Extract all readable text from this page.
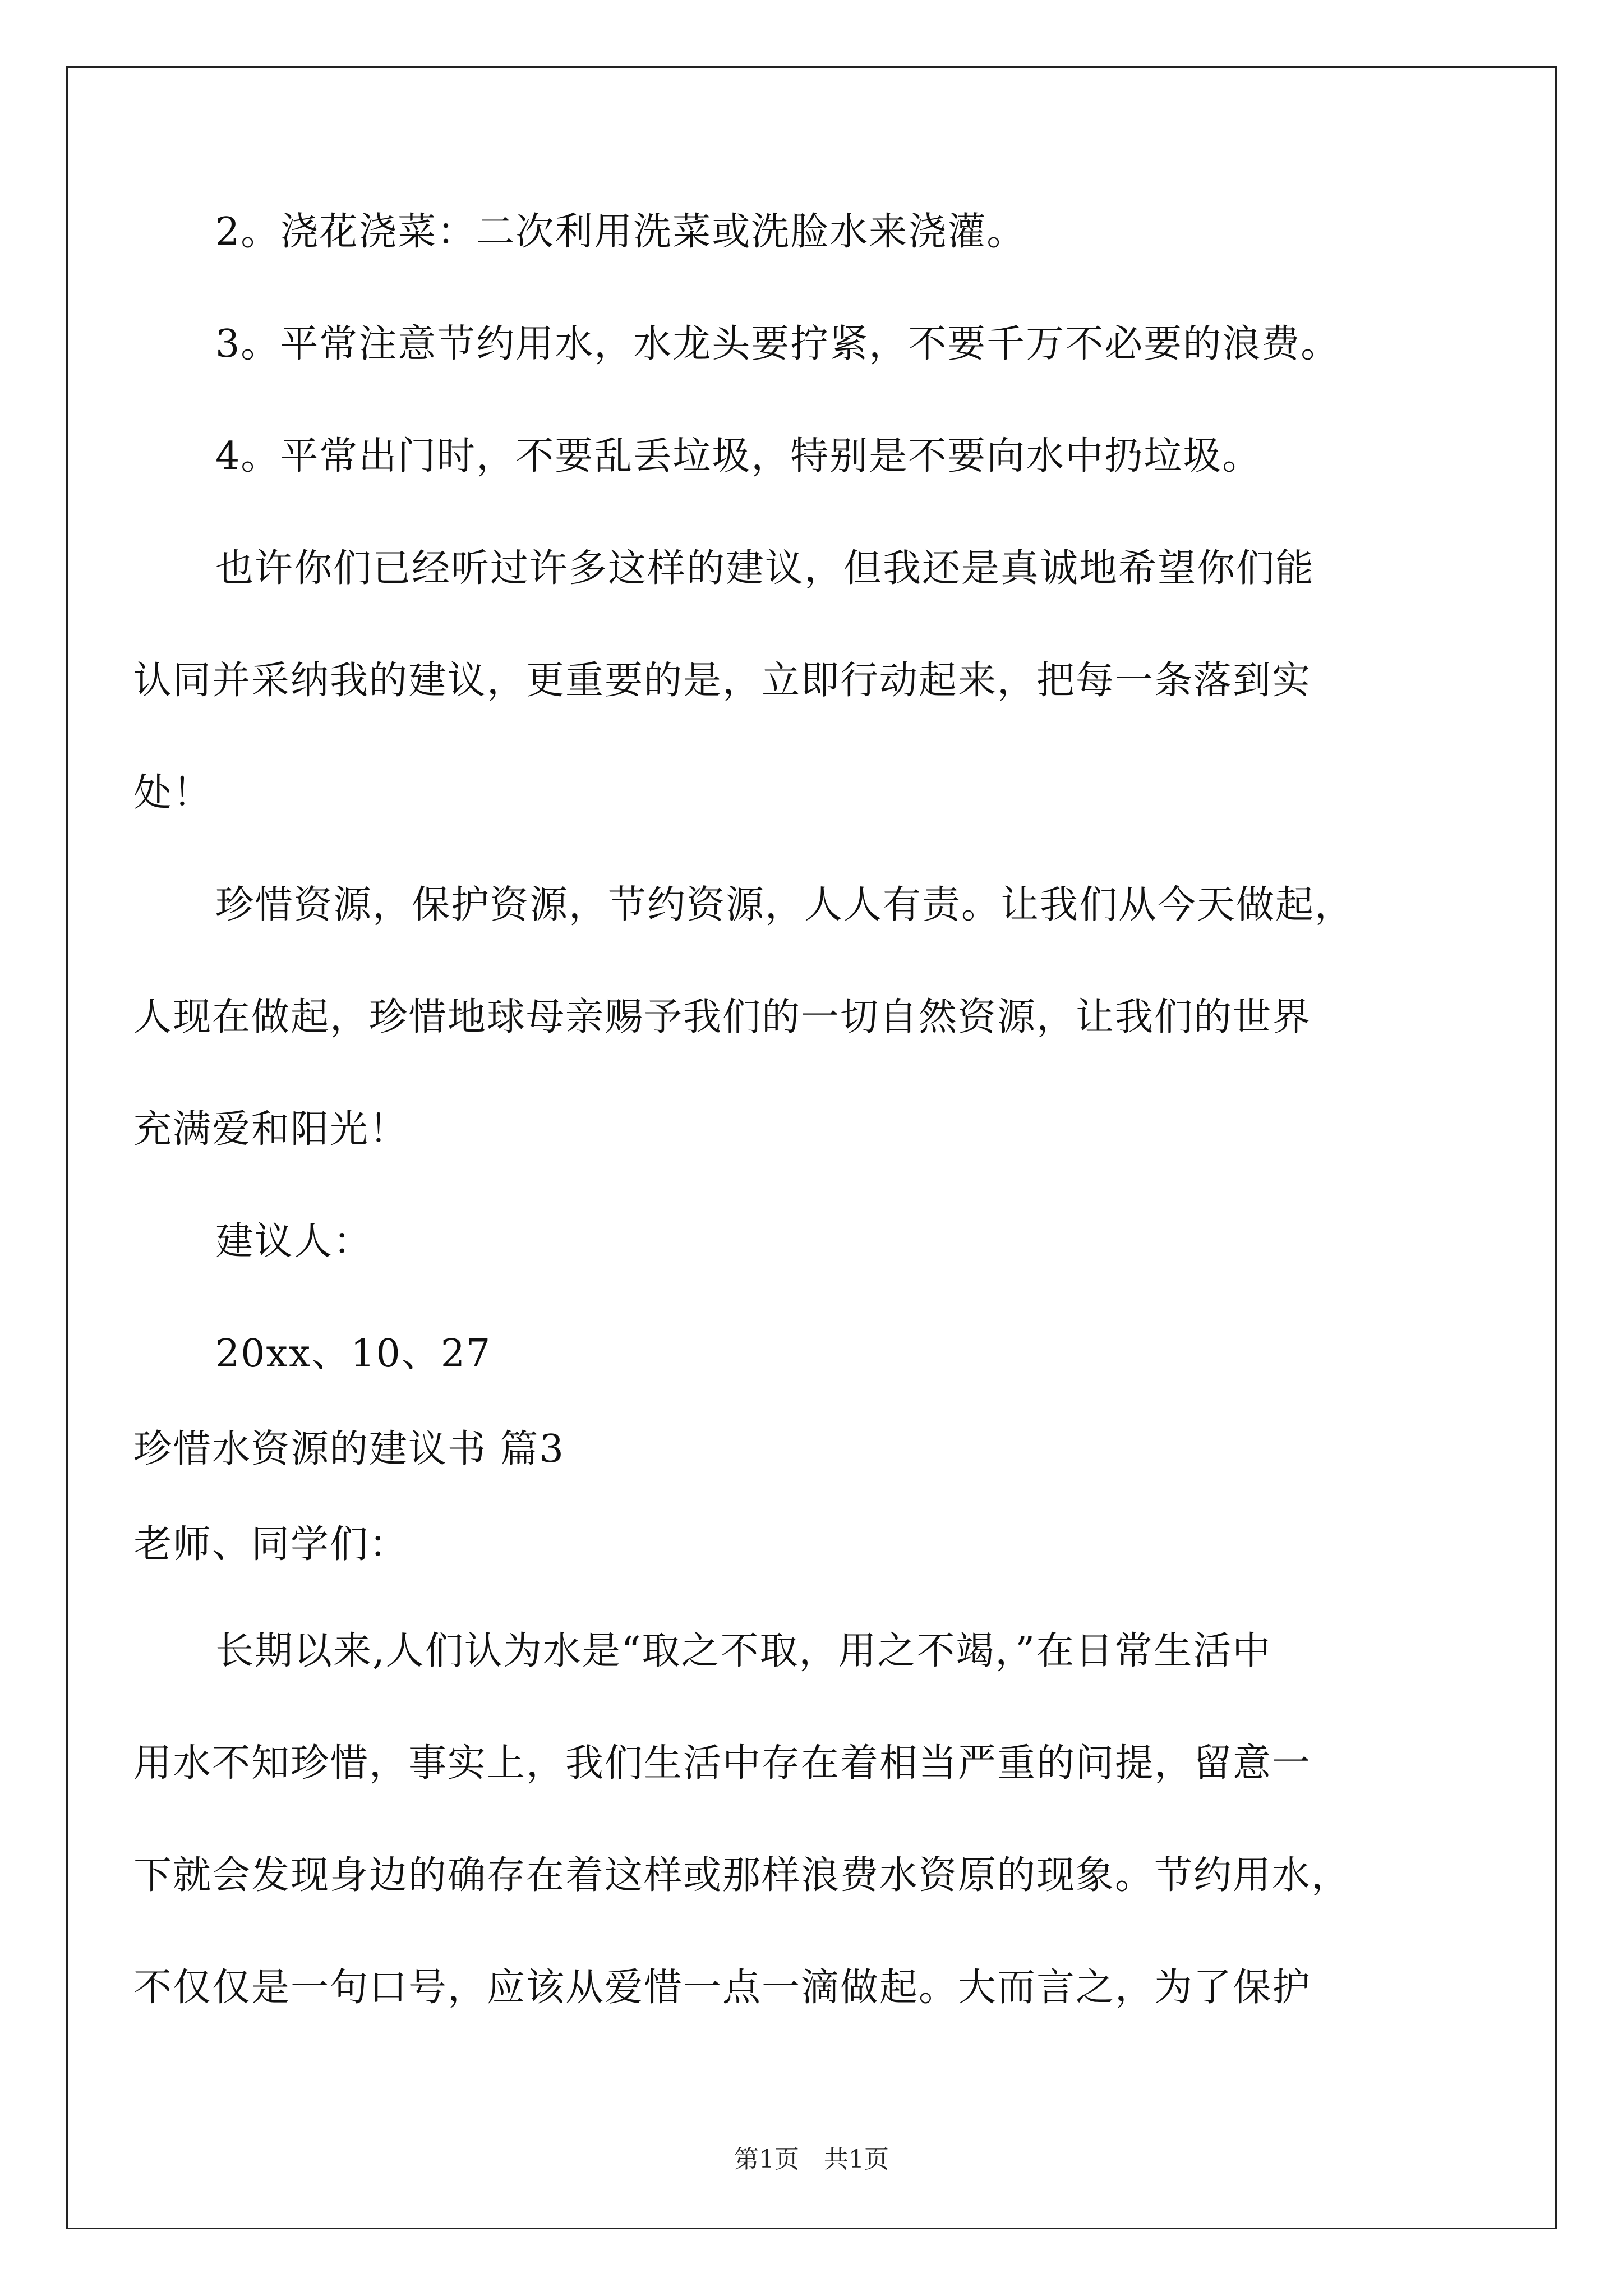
2。浇花浇菜：二次利用洗菜或洗脸水来浇灌。
3。平常注意节约用水，水龙头要拧紧，不要千万不必要的浪费。
4。平常出门时，不要乱丢垃圾，特别是不要向水中扔垃圾。
也许你们已经听过许多这样的建议，但我还是真诚地希望你们能
认同并采纳我的建议，更重要的是，立即行动起来，把每一条落到实
处！
珍惜资源，保护资源，节约资源，人人有责。让我们从今天做起，
人现在做起，珍惜地球母亲赐予我们的一切自然资源，让我们的世界
充满爱和阳光！
建议人：
20xx、10、27
珍惜水资源的建议书 篇3
老师、同学们：
长期以来,人们认为水是“取之不取，用之不竭，”在日常生活中
用水不知珍惜，事实上，我们生活中存在着相当严重的问提，留意一
下就会发现身边的确存在着这样或那样浪费水资原的现象。节约用水，
不仅仅是一句口号，应该从爱惜一点一滴做起。大而言之，为了保护
第1页　共1页
